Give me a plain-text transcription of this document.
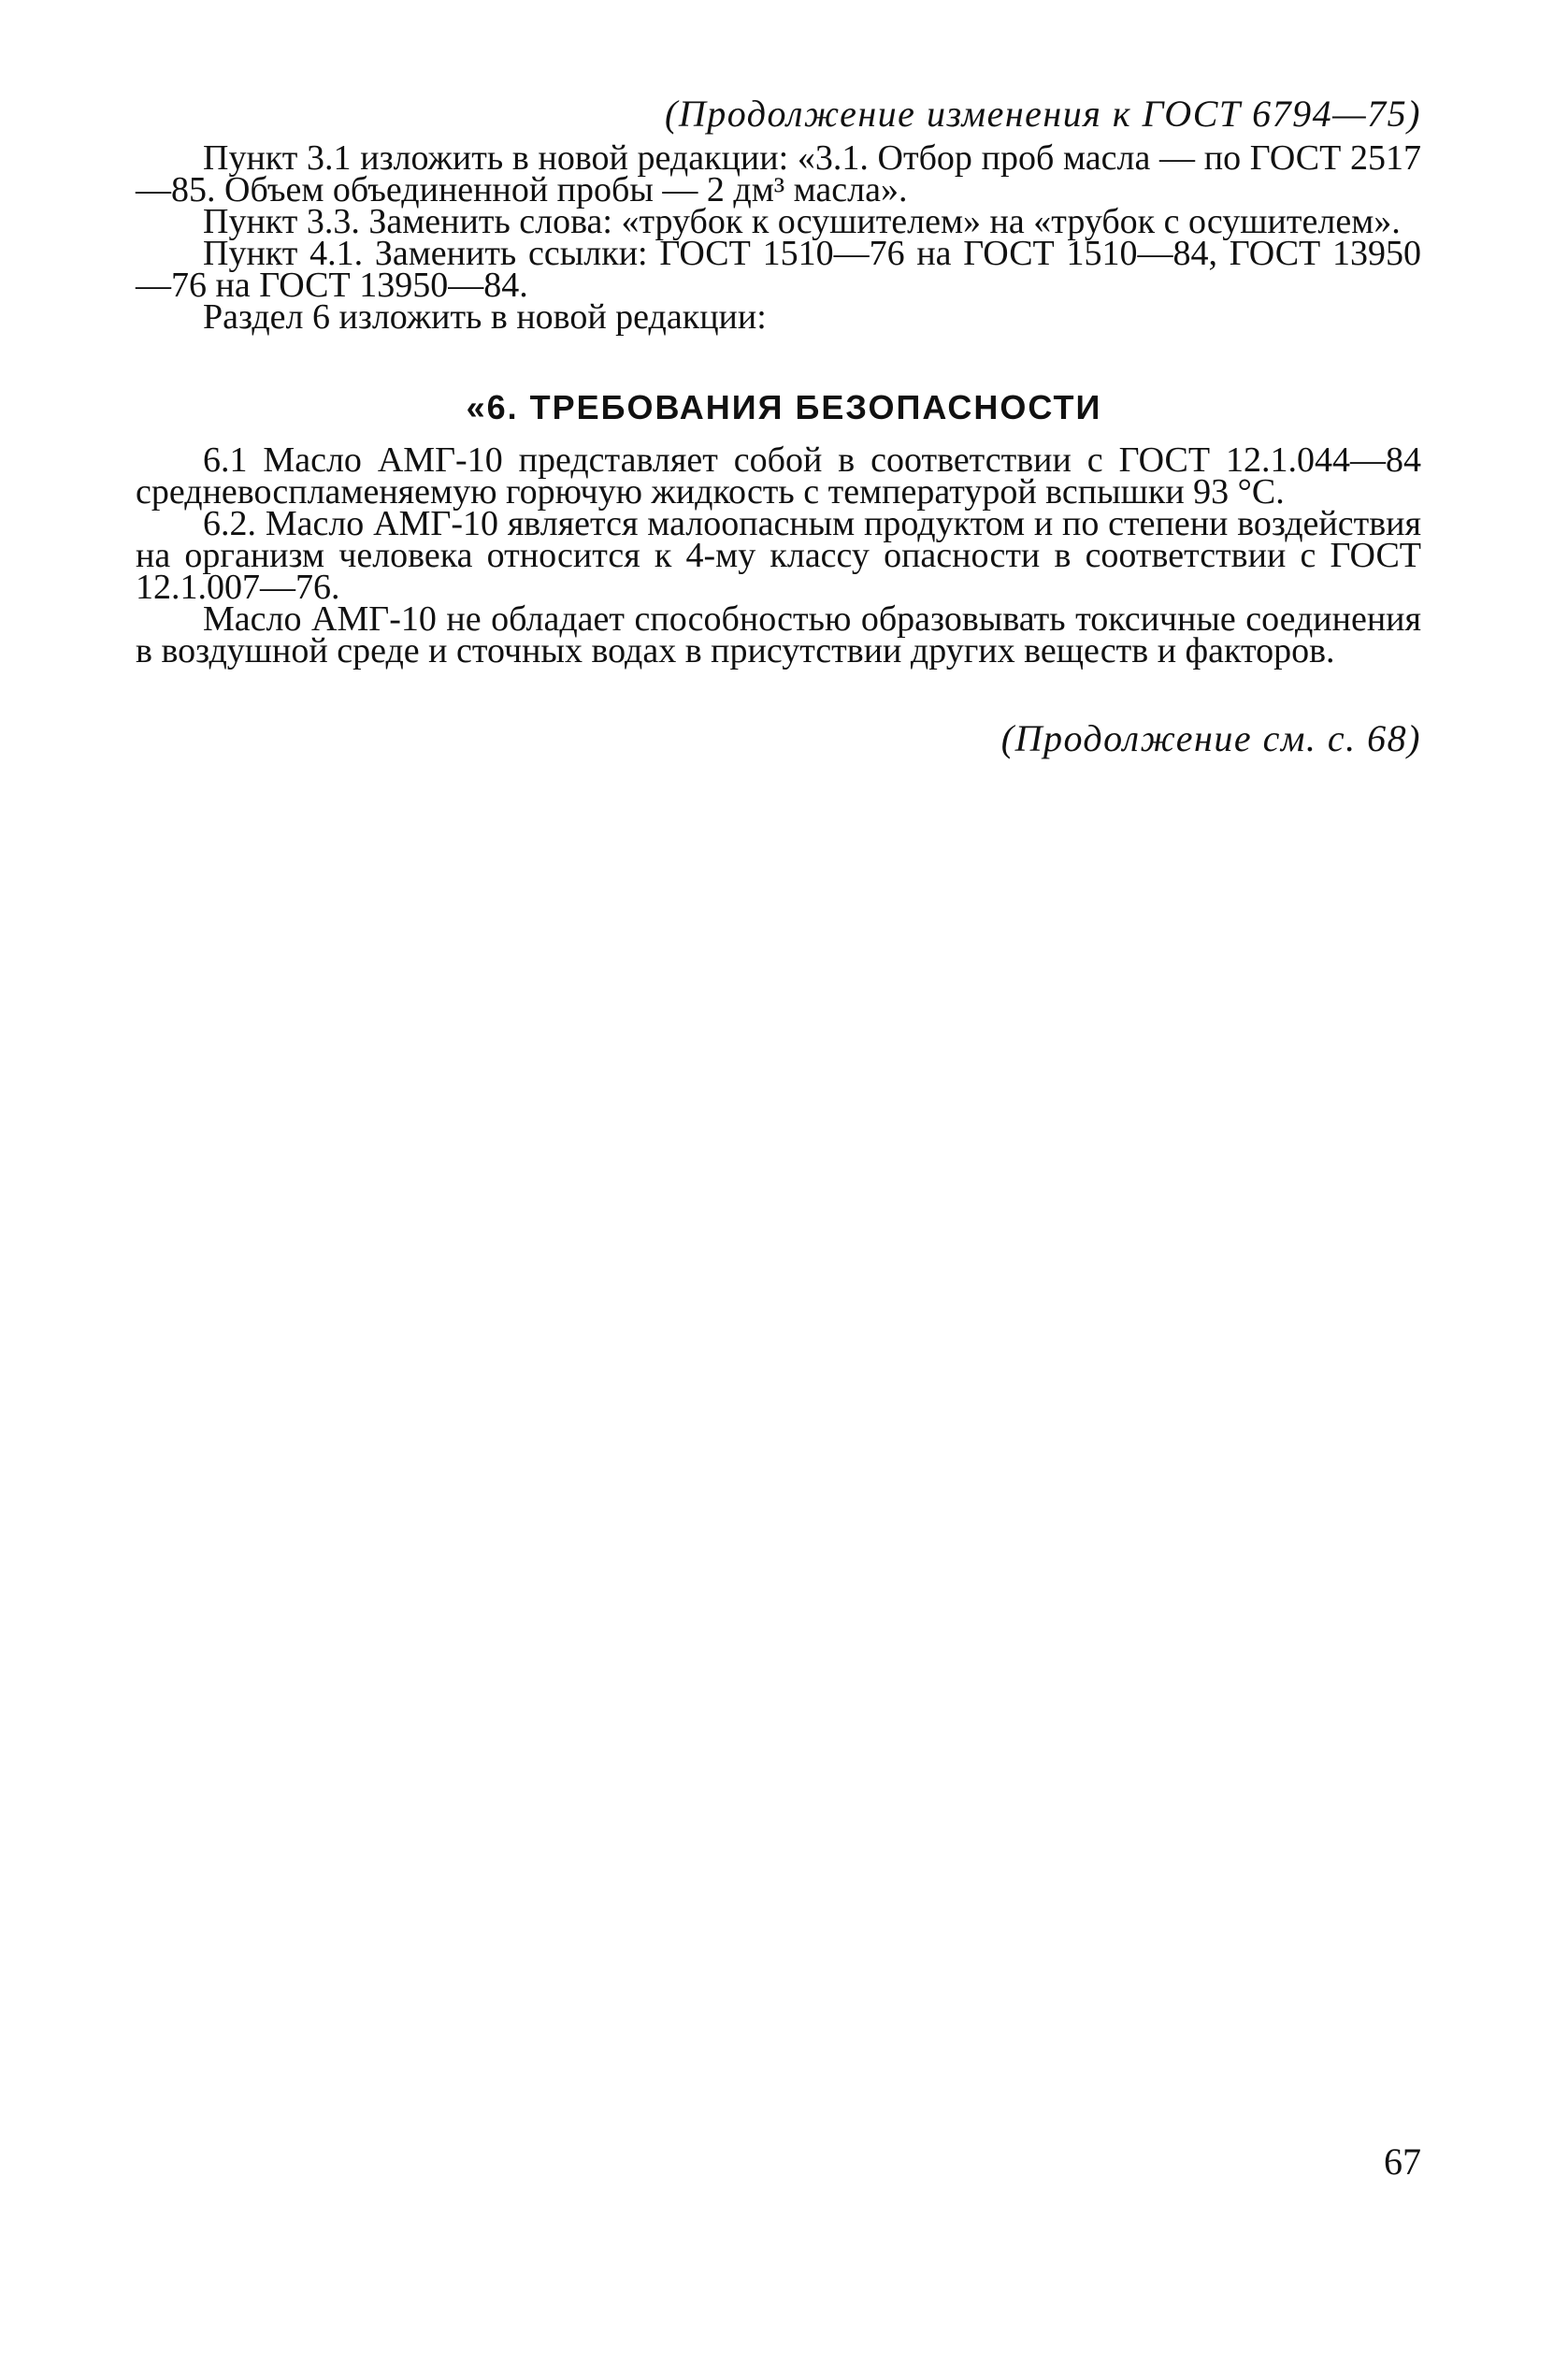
(Продолжение изменения к ГОСТ 6794—75)

Пункт 3.1 изложить в новой редакции: «3.1. Отбор проб масла — по ГОСТ 2517—85. Объем объединенной пробы — 2 дм³ масла».

Пункт 3.3. Заменить слова: «трубок к осушителем» на «трубок с осушителем».

Пункт 4.1. Заменить ссылки: ГОСТ 1510—76 на ГОСТ 1510—84, ГОСТ 13950—76 на ГОСТ 13950—84.

Раздел 6 изложить в новой редакции:

«6. ТРЕБОВАНИЯ БЕЗОПАСНОСТИ

6.1 Масло АМГ-10 представляет собой в соответствии с ГОСТ 12.1.044—84 средневоспламеняемую горючую жидкость с температурой вспышки 93 °С.

6.2. Масло АМГ-10 является малоопасным продуктом и по степени воздействия на организм человека относится к 4-му классу опасности в соответствии с ГОСТ 12.1.007—76.

Масло АМГ-10 не обладает способностью образовывать токсичные соединения в воздушной среде и сточных водах в присутствии других веществ и факторов.

(Продолжение см. с. 68)
67
